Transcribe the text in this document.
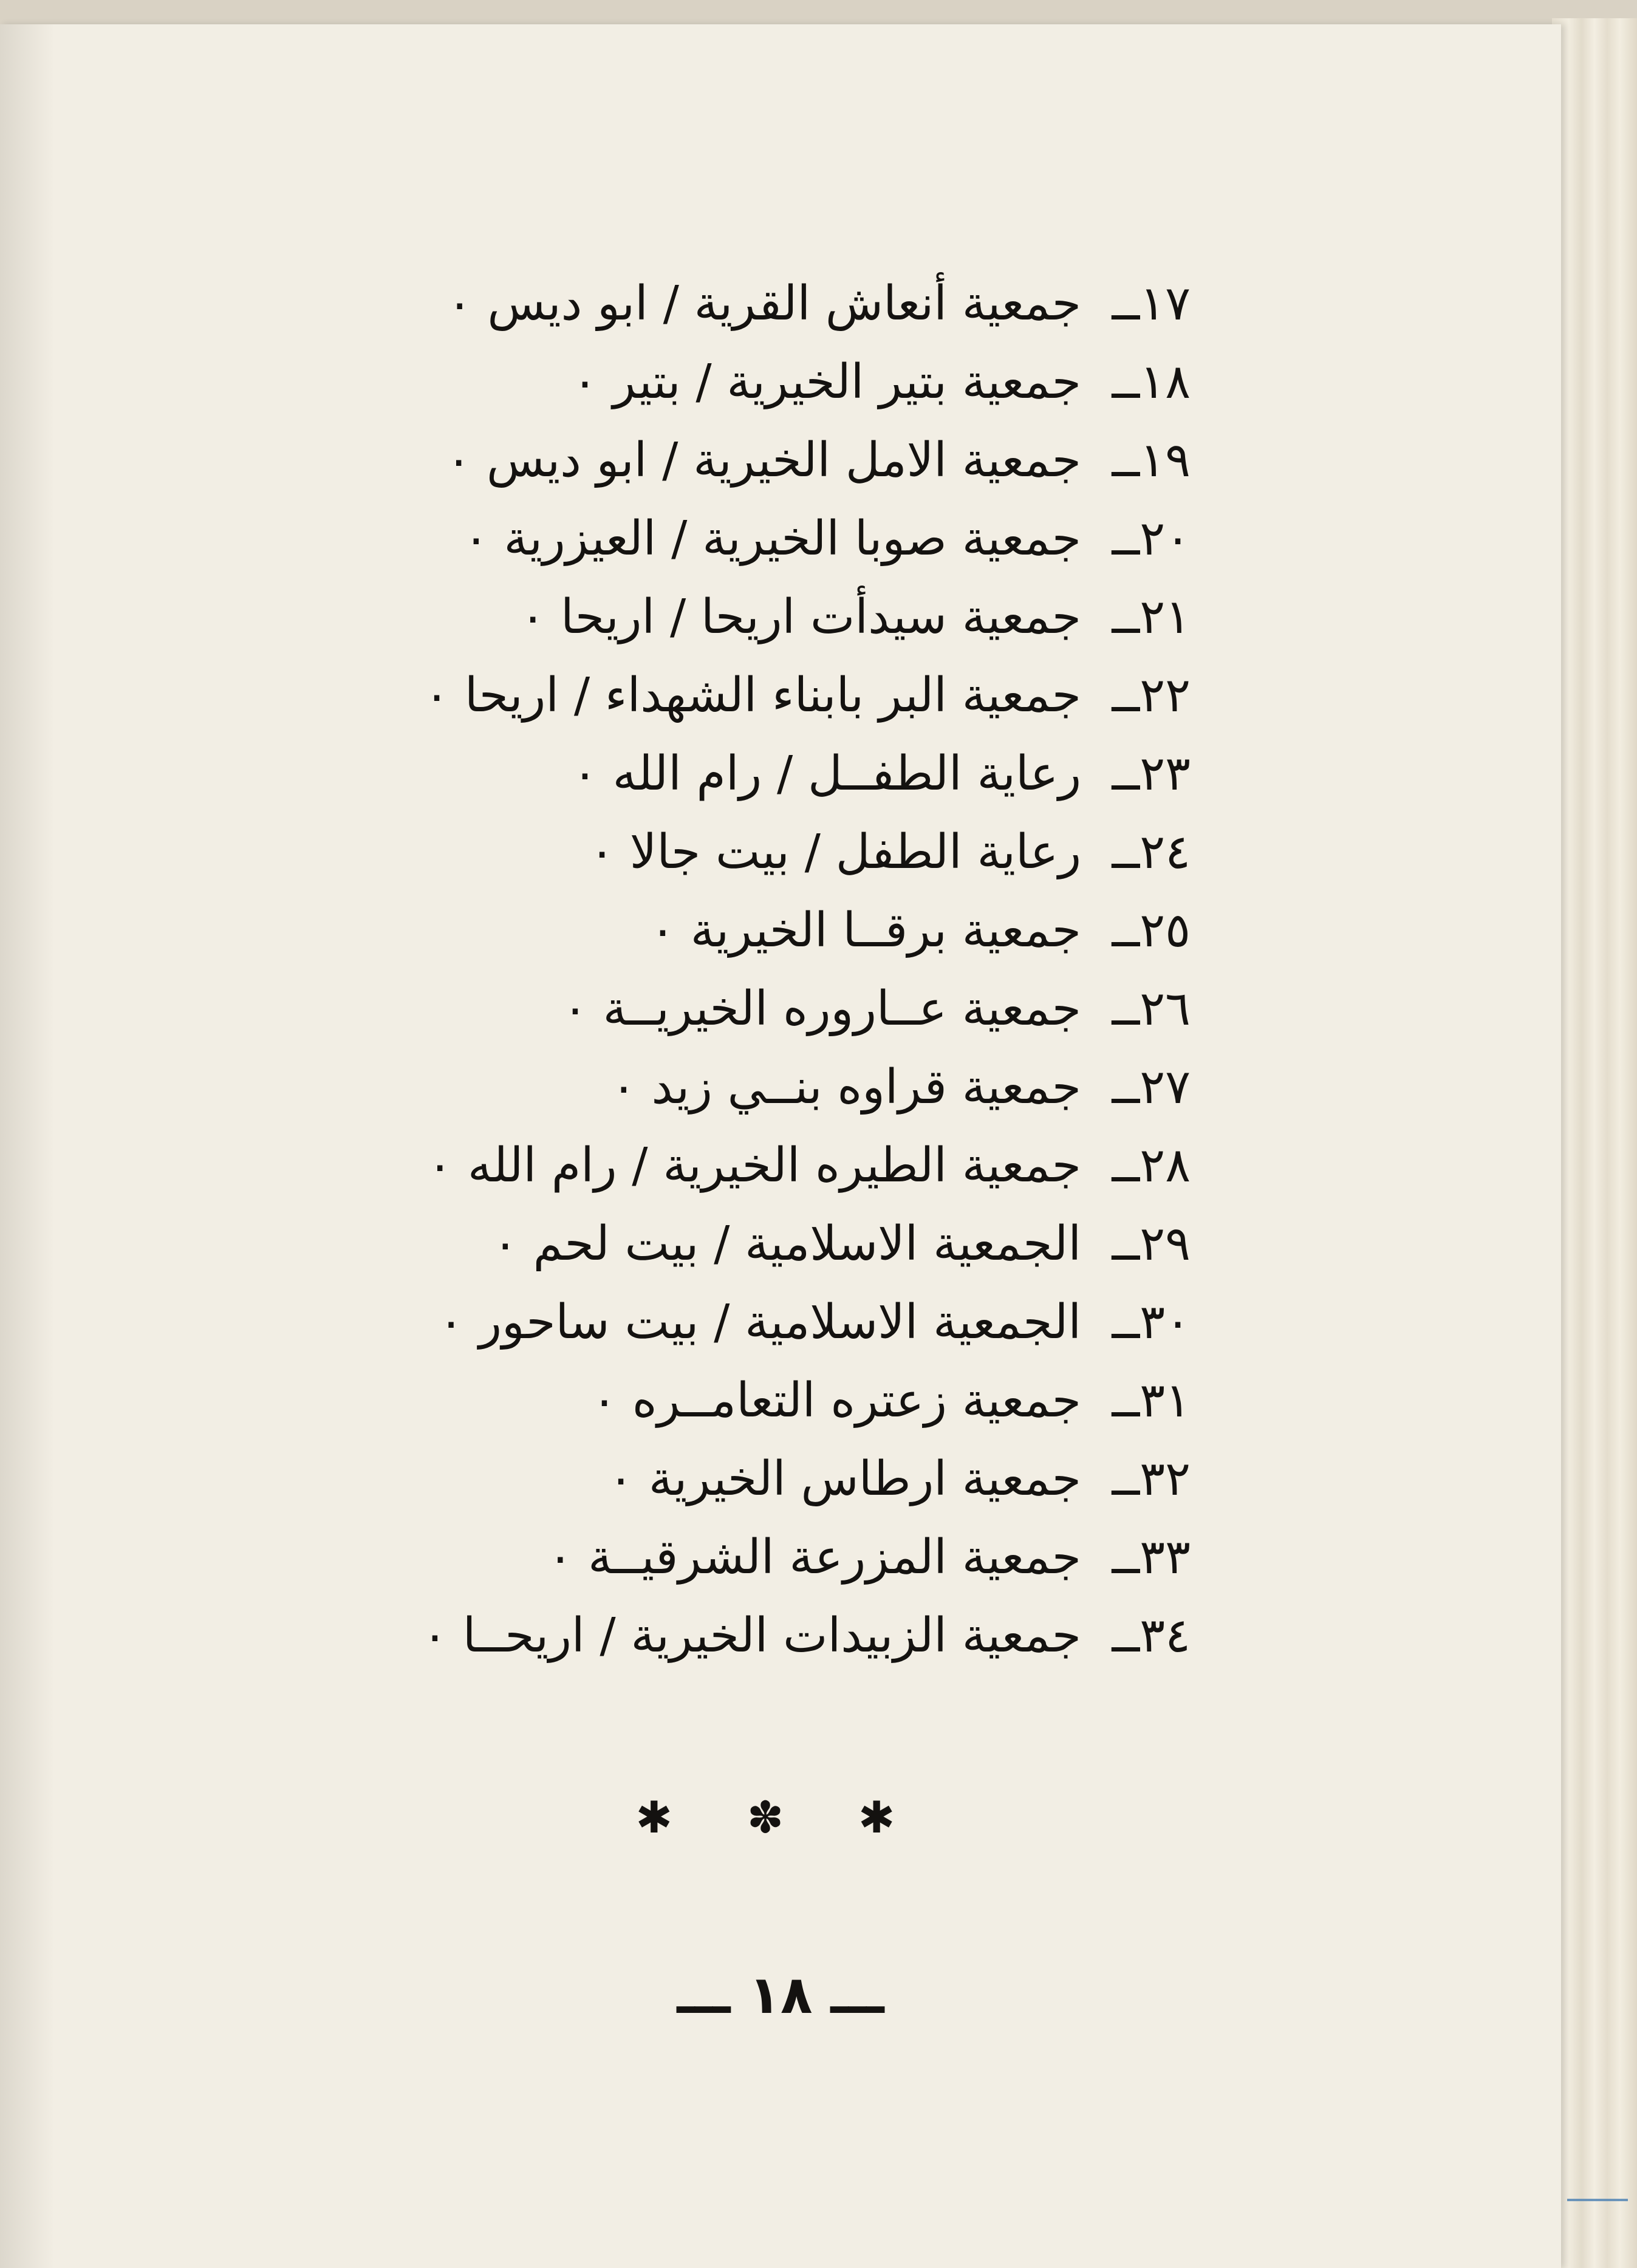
١٧ــ
جمعية أنعاش القرية / ابو ديس ٠
١٨ــ
جمعية بتير الخيرية / بتير ٠
١٩ــ
جمعية الامل الخيرية / ابو ديس ٠
٢٠ــ
جمعية صوبا الخيرية / العيزرية ٠
٢١ــ
جمعية سيدأت اريحا / اريحا ٠
٢٢ــ
جمعية البر بابناء الشهداء / اريحا ٠
٢٣ــ
رعاية الطفــل / رام الله ٠
٢٤ــ
رعاية الطفل / بيت جالا ٠
٢٥ــ
جمعية برقــا الخيرية ٠
٢٦ــ
جمعية عــاروره الخيريــة ٠
٢٧ــ
جمعية قراوه بنــي زيد ٠
٢٨ــ
جمعية الطيره الخيرية / رام الله ٠
٢٩ــ
الجمعية الاسلامية / بيت لحم ٠
٣٠ــ
الجمعية الاسلامية / بيت ساحور ٠
٣١ــ
جمعية زعتره التعامــره ٠
٣٢ــ
جمعية ارطاس الخيرية ٠
٣٣ــ
جمعية المزرعة الشرقيــة ٠
٣٤ــ
جمعية الزبيدات الخيرية / اريحــا ٠
✱ ✽ ✱
ـــ ١٨ ـــ
